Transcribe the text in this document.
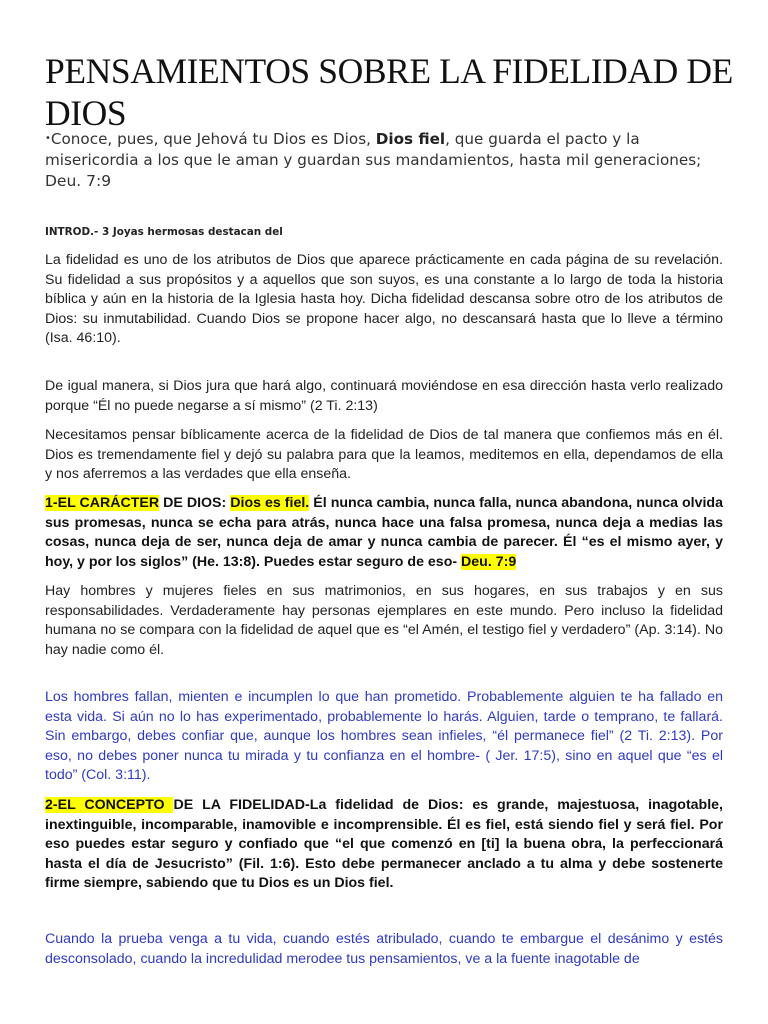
PENSAMIENTOS SOBRE LA FIDELIDAD DE DIOS
•Conoce, pues, que Jehová tu Dios es Dios, Dios fiel, que guarda el pacto y la misericordia a los que le aman y guardan sus mandamientos, hasta mil generaciones;
Deu. 7:9
INTROD.- 3 Joyas hermosas destacan del

La fidelidad es uno de los atributos de Dios que aparece prácticamente en cada página de su revelación. Su fidelidad a sus propósitos y a aquellos que son suyos, es una constante a lo largo de toda la historia bíblica y aún en la historia de la Iglesia hasta hoy. Dicha fidelidad descansa sobre otro de los atributos de Dios: su inmutabilidad. Cuando Dios se propone hacer algo, no descansará hasta que lo lleve a término (Isa. 46:10).

De igual manera, si Dios jura que hará algo, continuará moviéndose en esa dirección hasta verlo realizado porque “Él no puede negarse a sí mismo” (2 Ti. 2:13)

Necesitamos pensar bíblicamente acerca de la fidelidad de Dios de tal manera que confiemos más en él. Dios es tremendamente fiel y dejó su palabra para que la leamos, meditemos en ella, dependamos de ella y nos aferremos a las verdades que ella enseña.

1-EL CARÁCTER DE DIOS: Dios es fiel. Él nunca cambia, nunca falla, nunca abandona, nunca olvida sus promesas, nunca se echa para atrás, nunca hace una falsa promesa, nunca deja a medias las cosas, nunca deja de ser, nunca deja de amar y nunca cambia de parecer. Él “es el mismo ayer, y hoy, y por los siglos” (He. 13:8). Puedes estar seguro de eso- Deu. 7:9

Hay hombres y mujeres fieles en sus matrimonios, en sus hogares, en sus trabajos y en sus responsabilidades. Verdaderamente hay personas ejemplares en este mundo. Pero incluso la fidelidad humana no se compara con la fidelidad de aquel que es “el Amén, el testigo fiel y verdadero” (Ap. 3:14). No hay nadie como él.

Los hombres fallan, mienten e incumplen lo que han prometido. Probablemente alguien te ha fallado en esta vida. Si aún no lo has experimentado, probablemente lo harás. Alguien, tarde o temprano, te fallará. Sin embargo, debes confiar que, aunque los hombres sean infieles, “él permanece fiel” (2 Ti. 2:13). Por eso, no debes poner nunca tu mirada y tu confianza en el hombre- ( Jer. 17:5), sino en aquel que “es el todo” (Col. 3:11).

2-EL CONCEPTO DE LA FIDELIDAD-La fidelidad de Dios: es grande, majestuosa, inagotable, inextinguible, incomparable, inamovible e incomprensible. Él es fiel, está siendo fiel y será fiel. Por eso puedes estar seguro y confiado que “el que comenzó en [ti] la buena obra, la perfeccionará hasta el día de Jesucristo” (Fil. 1:6). Esto debe permanecer anclado a tu alma y debe sostenerte firme siempre, sabiendo que tu Dios es un Dios fiel.

Cuando la prueba venga a tu vida, cuando estés atribulado, cuando te embargue el desánimo y estés desconsolado, cuando la incredulidad merodee tus pensamientos, ve a la fuente inagotable de
